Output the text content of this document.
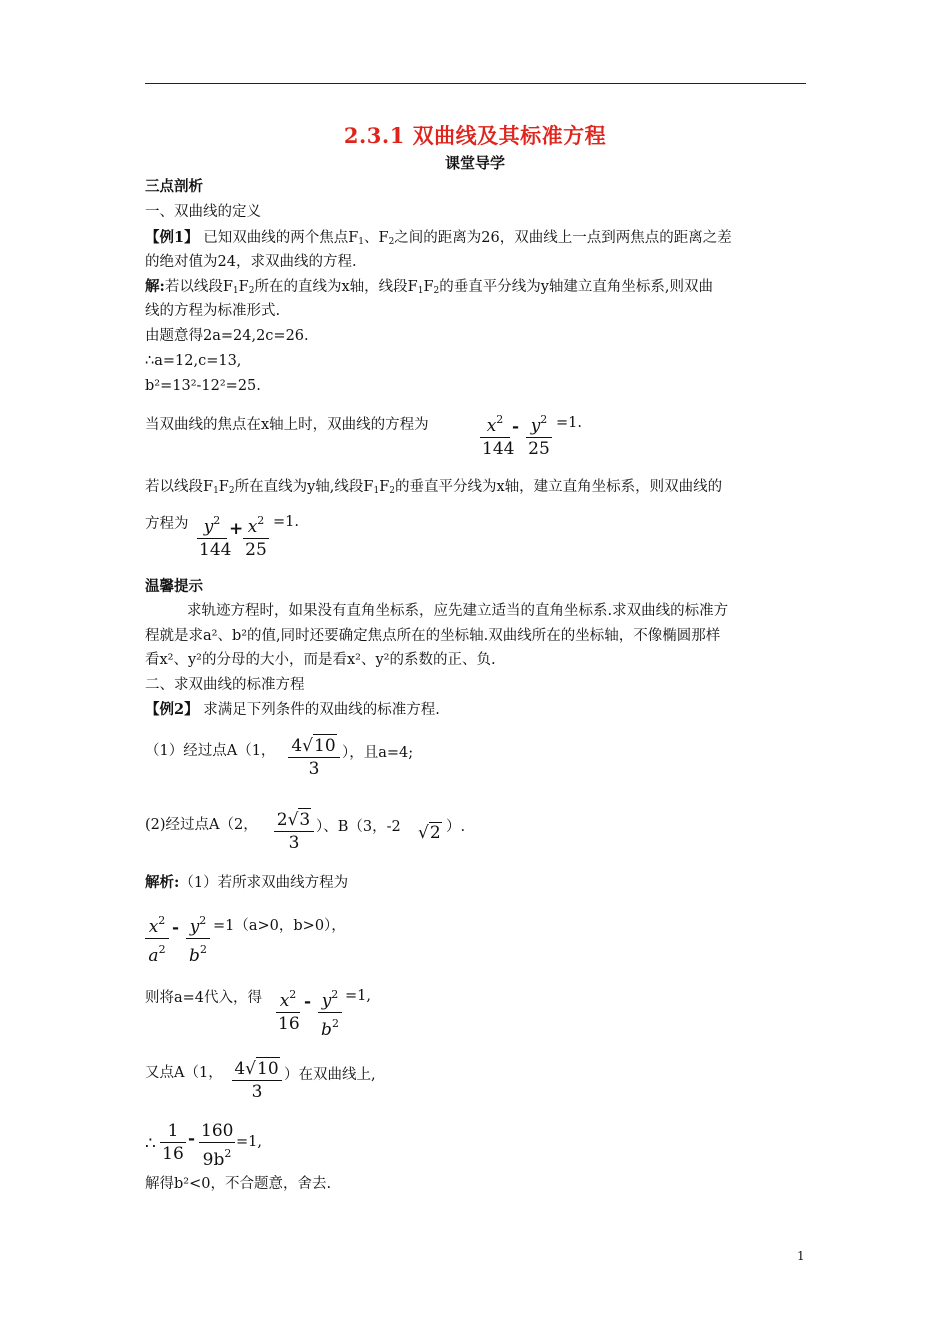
2.3.1 双曲线及其标准方程
课堂导学
三点剖析
一、双曲线的定义
【例1】 已知双曲线的两个焦点$F_1$、$F_2$之间的距离为26，双曲线上一点到两焦点的距离之差
的绝对值为24，求双曲线的方程.
解:若以线段$F_1F_2$所在的直线为x轴，线段$F_1F_2$的垂直平分线为y轴建立直角坐标系,则双曲
线的方程为标准形式.
由题意得2a=24,2c=26.
∴a=12,c=13,
b²=13²-12²=25.
当双曲线的焦点在x轴上时，双曲线的方程为	$x^2$
144
- $y^2$
25
=1.
若以线段$F_1F_2$所在直线为y轴,线段$F_1F_2$的垂直平分线为x轴，建立直角坐标系，则双曲线的
方程为 $y^2$
144
+ $x^2$
25
=1.
温馨提示
求轨迹方程时，如果没有直角坐标系，应先建立适当的直角坐标系.求双曲线的标准方
程就是求a²、b²的值,同时还要确定焦点所在的坐标轴.双曲线所在的坐标轴，不像椭圆那样
看x²、y²的分母的大小，而是看x²、y²的系数的正、负.
二、求双曲线的标准方程
【例2】 求满足下列条件的双曲线的标准方程.
（1）经过点A（1， 4√10
3
），且a=4;
(2)经过点A（2， 2√3
3
）、B（3，-2 √2 ）.
解析:（1）若所求双曲线方程为
$x^2$
$a^2$
- $y^2$
$b^2$
=1（a>0，b>0），
则将a=4代入，得 $x^2$
16
- $y^2$
$b^2$
=1,
又点A（1， 4√10
3
）在双曲线上,
∴
1
16
- 160
$9b^2$
=1,
解得b²<0，不合题意，舍去.
1
